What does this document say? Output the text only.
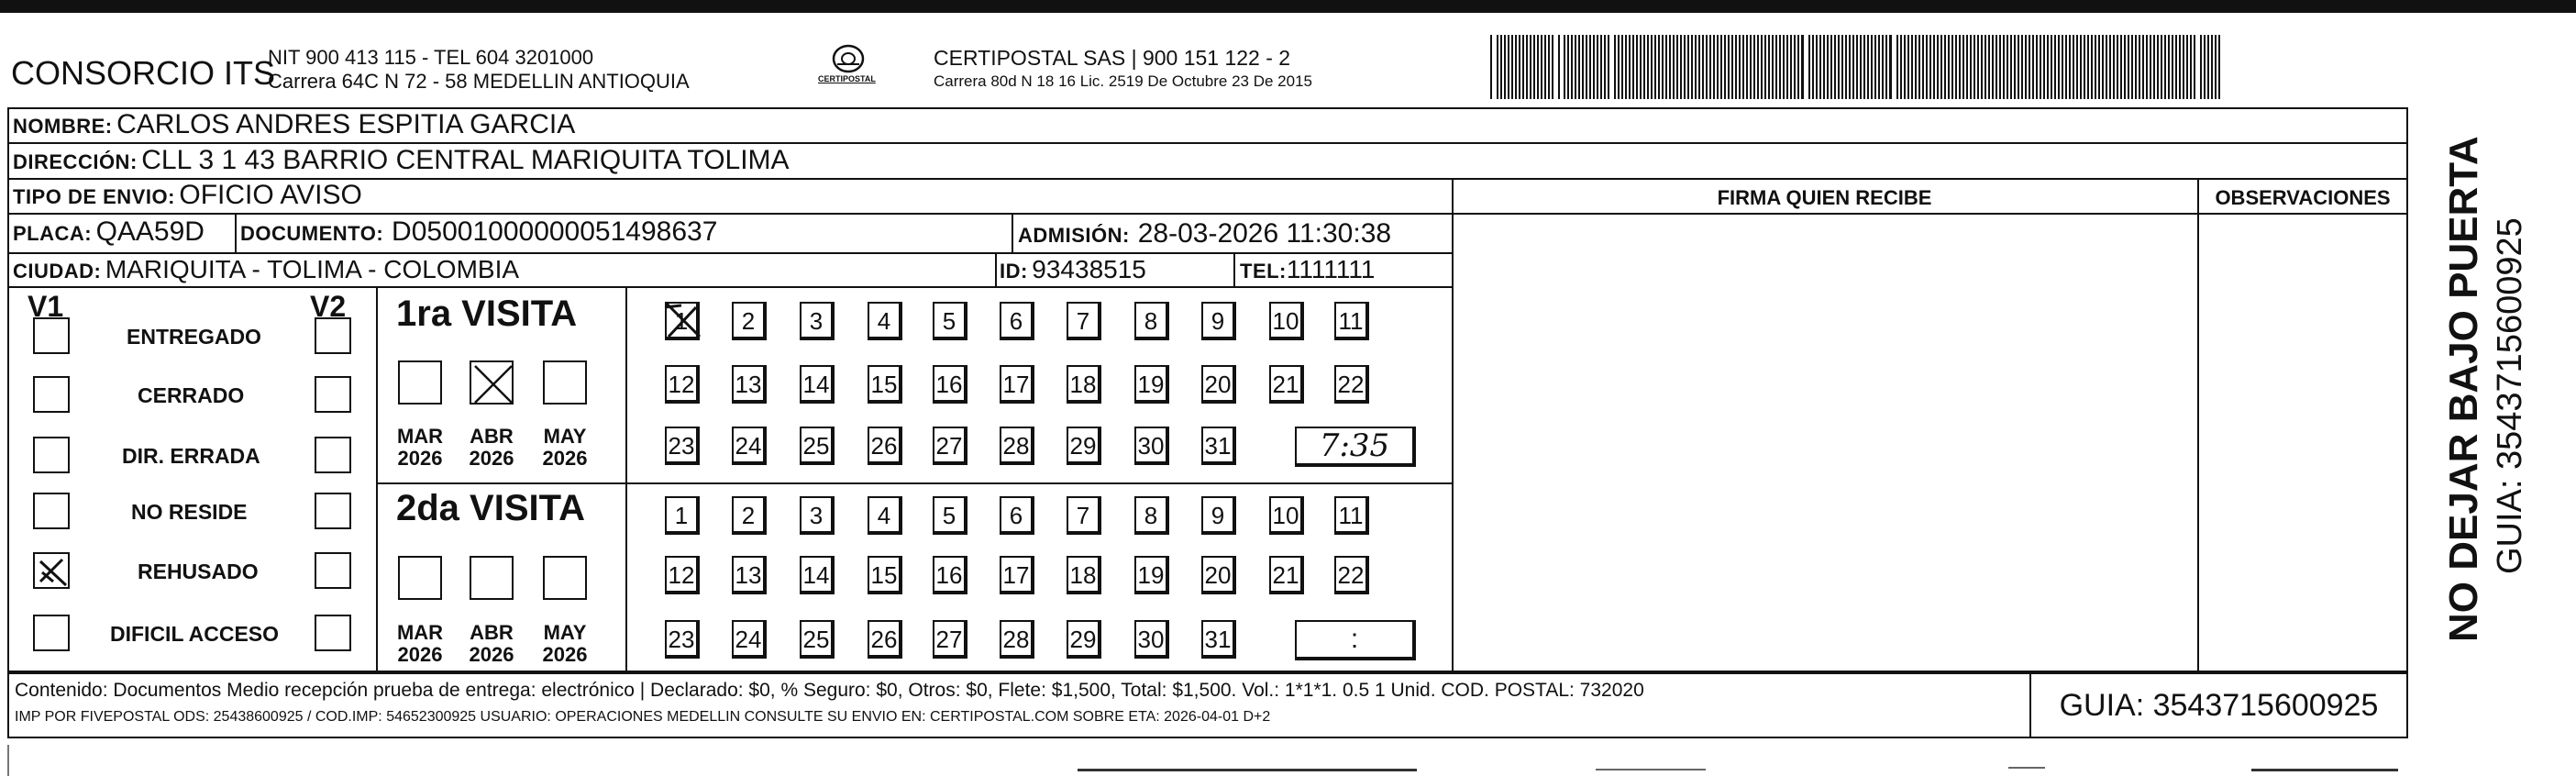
CONSORCIO ITS
NIT 900 413 115 - TEL 604 3201000
Carrera 64C N 72 - 58 MEDELLIN ANTIOQUIA	CERTIPOSTAL
CERTIPOSTAL SAS | 900 151 122 - 2
Carrera 80d N 18 16 Lic. 2519 De Octubre 23 De 2015
NOMBRE: CARLOS ANDRES ESPITIA GARCIA
DIRECCIÓN: CLL 3 1 43 BARRIO CENTRAL MARIQUITA TOLIMA
TIPO DE ENVIO: OFICIO AVISO	FIRMA QUIEN RECIBE	OBSERVACIONES
PLACA: QAA59D DOCUMENTO: D05001000000051498637	ADMISIÓN: 28-03-2026 11:30:38
CIUDAD: MARIQUITA - TOLIMA - COLOMBIA	ID: 93438515	TEL:1111111
V1	V2
ENTREGADO
CERRADO
DIR. ERRADA
NO RESIDE
REHUSADO
DIFICIL ACCESO
1ra VISITA
2da VISITA
MAR
2026
ABR
2026
MAY
2026
MAR
2026
ABR
2026
MAY
2026
1	2	3	4	5	6	7	8	9	10 11
12 13 14 15 16 17 18 19 20 21 22
23 24 25 26 27 28 29 30 31	7:35
1	2	3	4	5	6	7	8	9	10 11
12 13 14 15 16 17 18 19 20 21 22
23 24 25 26 27 28 29 30 31	:
Contenido: Documentos Medio recepción prueba de entrega: electrónico | Declarado: $0, % Seguro: $0, Otros: $0, Flete: $1,500, Total: $1,500. Vol.: 1*1*1. 0.5 1 Unid. COD. POSTAL: 732020
IMP POR FIVEPOSTAL ODS: 25438600925 / COD.IMP: 54652300925 USUARIO: OPERACIONES MEDELLIN CONSULTE SU ENVIO EN: CERTIPOSTAL.COM SOBRE ETA: 2026-04-01 D+2	GUIA: 3543715600925
NO DEJAR BAJO PUERTA GUIA: 3543715600925
